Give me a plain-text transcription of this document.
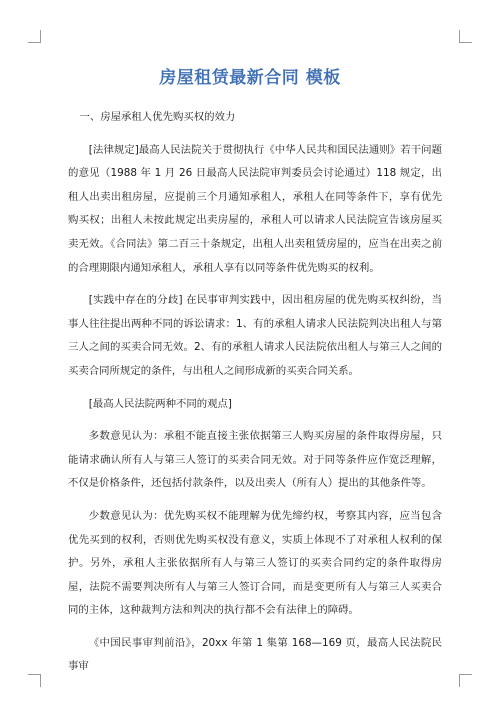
房屋租赁最新合同 模板

一、房屋承租人优先购买权的效力

[法律规定]最高人民法院关于贯彻执行《中华人民共和国民法通则》若干问题的意见（1988 年 1 月 26 日最高人民法院审判委员会讨论通过）118 规定，出租人出卖出租房屋，应提前三个月通知承租人，承租人在同等条件下，享有优先购买权；出租人未按此规定出卖房屋的，承租人可以请求人民法院宣告该房屋买卖无效。《合同法》第二百三十条规定，出租人出卖租赁房屋的，应当在出卖之前的合理期限内通知承租人，承租人享有以同等条件优先购买的权利。

[实践中存在的分歧] 在民事审判实践中，因出租房屋的优先购买权纠纷，当事人往往提出两种不同的诉讼请求：1、有的承租人请求人民法院判决出租人与第三人之间的买卖合同无效。2、有的承租人请求人民法院依出租人与第三人之间的买卖合同所规定的条件，与出租人之间形成新的买卖合同关系。

[最高人民法院两种不同的观点]

多数意见认为：承租不能直接主张依据第三人购买房屋的条件取得房屋，只能请求确认所有人与第三人签订的买卖合同无效。对于同等条件应作宽泛理解，不仅是价格条件，还包括付款条件，以及出卖人（所有人）提出的其他条件等。

少数意见认为：优先购买权不能理解为优先缔约权，考察其内容，应当包含优先买到的权利，否则优先购买权没有意义，实质上体现不了对承租人权利的保护。另外，承租人主张依据所有人与第三人签订的买卖合同约定的条件取得房屋，法院不需要判决所有人与第三人签订合同，而是变更所有人与第三人买卖合同的主体，这种裁判方法和判决的执行都不会有法律上的障碍。

《中国民事审判前沿》，20xx 年第 1 集第 168—169 页，最高人民法院民事审
